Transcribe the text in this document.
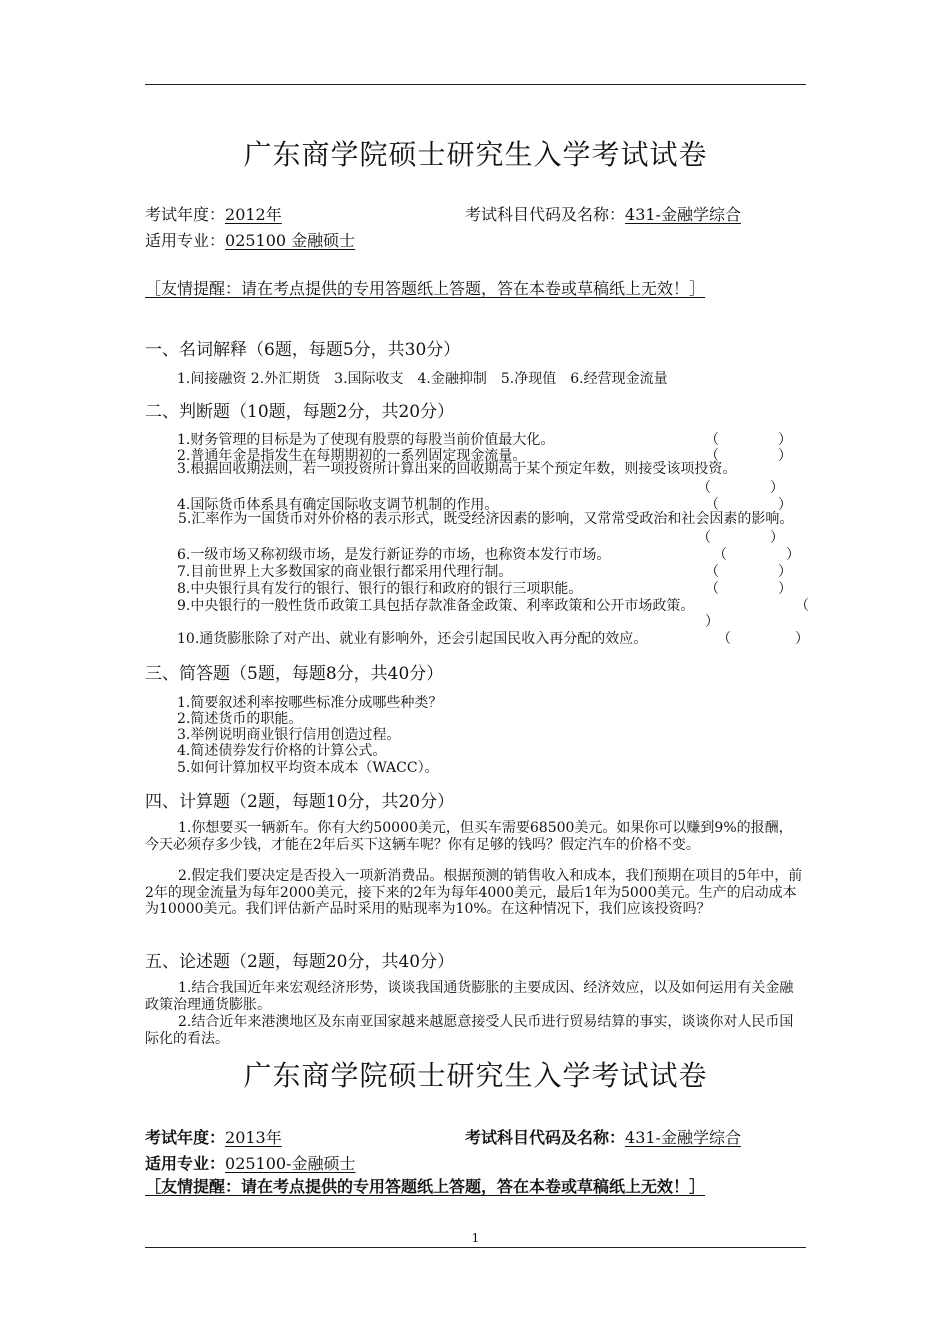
广东商学院硕士研究生入学考试试卷
考试年度：2012年	考试科目代码及名称：431-金融学综合
适用专业：025100 金融硕士
［友情提醒：请在考点提供的专用答题纸上答题，答在本卷或草稿纸上无效！］
一、名词解释（6题，每题5分，共30分）
1.间接融资 2.外汇期货　3.国际收支　4.金融抑制　5.净现值　6.经营现金流量
二、判断题（10题，每题2分，共20分）
1.财务管理的目标是为了使现有股票的每股当前价值最大化。	（	）
2.普通年金是指发生在每期期初的一系列固定现金流量。	（	）
3.根据回收期法则，若一项投资所计算出来的回收期高于某个预定年数，则接受该项投资。
（	）
4.国际货币体系具有确定国际收支调节机制的作用。	（	）
5.汇率作为一国货币对外价格的表示形式，既受经济因素的影响，又常常受政治和社会因素的影响。
（	）
6.一级市场又称初级市场，是发行新证券的市场，也称资本发行市场。	（	）
7.目前世界上大多数国家的商业银行都采用代理行制。	（	）
8.中央银行具有发行的银行、银行的银行和政府的银行三项职能。	（	）
9.中央银行的一般性货币政策工具包括存款准备金政策、利率政策和公开市场政策。	（
）
10.通货膨胀除了对产出、就业有影响外，还会引起国民收入再分配的效应。	（	）
三、简答题（5题，每题8分，共40分）
1.简要叙述利率按哪些标准分成哪些种类？
2.简述货币的职能。
3.举例说明商业银行信用创造过程。
4.简述债券发行价格的计算公式。
5.如何计算加权平均资本成本（WACC）。
四、计算题（2题，每题10分，共20分）
1.你想要买一辆新车。你有大约50000美元，但买车需要68500美元。如果你可以赚到9%的报酬，今天必须存多少钱，才能在2年后买下这辆车呢？你有足够的钱吗？假定汽车的价格不变。
2.假定我们要决定是否投入一项新消费品。根据预测的销售收入和成本，我们预期在项目的5年中，前2年的现金流量为每年2000美元，接下来的2年为每年4000美元，最后1年为5000美元。生产的启动成本为10000美元。我们评估新产品时采用的贴现率为10%。在这种情况下，我们应该投资吗？
五、论述题（2题，每题20分，共40分）
1.结合我国近年来宏观经济形势，谈谈我国通货膨胀的主要成因、经济效应，以及如何运用有关金融政策治理通货膨胀。
2.结合近年来港澳地区及东南亚国家越来越愿意接受人民币进行贸易结算的事实，谈谈你对人民币国际化的看法。
广东商学院硕士研究生入学考试试卷
考试年度：2013年	考试科目代码及名称：431-金融学综合
适用专业：025100-金融硕士
［友情提醒：请在考点提供的专用答题纸上答题，答在本卷或草稿纸上无效！］
1
